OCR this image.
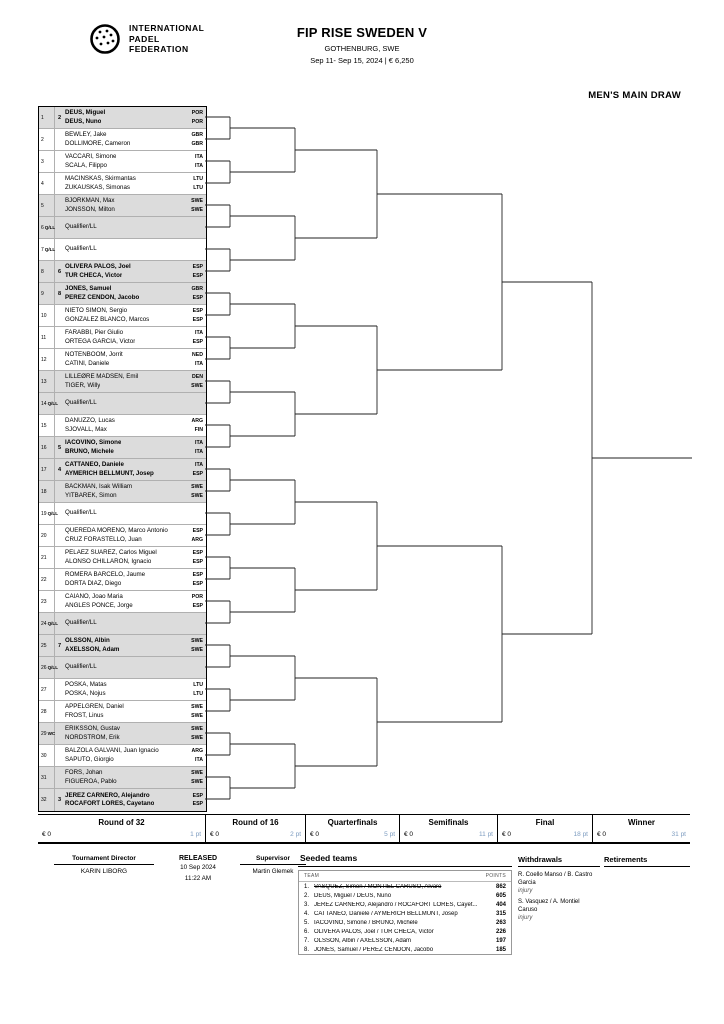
INTERNATIONAL
PADEL
FEDERATION
FIP RISE SWEDEN V
GOTHENBURG, SWE
Sep 11- Sep 15, 2024 | € 6,250
MEN'S MAIN DRAW
1	2
DEUS, Miguel	POR
DEUS, Nuno	POR
2
BEWLEY, Jake	GBR
DOLLIMORE, Cameron	GBR
3
VACCARI, Simone	ITA
SCALA, Filippo	ITA
4
MACINSKAS, Skirmantas	LTU
ZUKAUSKAS, Simonas	LTU
5
BJORKMAN, Max	SWE
JONSSON, Milton	SWE
6 Q/LL Qualifier/LL
7 Q/LL Qualifier/LL
8	6
OLIVERA PALOS, Joel	ESP
TUR CHECA, Victor	ESP
9	8
JONES, Samuel	GBR
PEREZ CENDON, Jacobo	ESP
10
NIETO SIMON, Sergio	ESP
GONZALEZ BLANCO, Marcos	ESP
11
FARABBI, Pier Giulio	ITA
ORTEGA GARCIA, Victor	ESP
12
NOTENBOOM, Jorrit	NED
CATINI, Daniele	ITA
13
LILLEØRE MADSEN, Emil	DEN
TIGER, Willy	SWE
14 Q/LL Qualifier/LL
15
DANUZZO, Lucas	ARG
SJOVALL, Max	FIN
16 5
IACOVINO, Simone	ITA
BRUNO, Michele	ITA
17 4
CATTANEO, Daniele	ITA
AYMERICH BELLMUNT, Josep	ESP
18
BÄCKMAN, Isak William	SWE
YITBAREK, Simon	SWE
19 Q/LL Qualifier/LL
20
QUEREDA MORENO, Marco Antonio	ESP
CRUZ FORASTELLO, Juan	ARG
21
PELAEZ SUAREZ, Carlos Miguel	ESP
ALONSO CHILLARON, Ignacio	ESP
22
ROMERA BARCELO, Jaume	ESP
DORTA DIAZ, Diego	ESP
23
CAIANO, Joao Maria	POR
ANGLES PONCE, Jorge	ESP
24 Q/LL Qualifier/LL
25 7
OLSSON, Albin	SWE
AXELSSON, Adam	SWE
26 Q/LL Qualifier/LL
27
POSKA, Matas	LTU
POSKA, Nojus	LTU
28
APPELGREN, Daniel	SWE
FROST, Linus	SWE
29 WC
ERIKSSON, Gustav	SWE
NORDSTRÖM, Erik	SWE
30
BALZOLA GALVANI, Juan Ignacio	ARG
SAPUTO, Giorgio	ITA
31
FORS, Johan	SWE
FIGUEROA, Pablo	SWE
32 3
JEREZ CARNERO, Alejandro	ESP
ROCAFORT LORES, Cayetano	ESP
Round of 32
€ 0	1 pt
Round of 16
€ 0	2 pt
Quarterfinals
€ 0	5 pt
Semifinals
€ 0	11 pt
Final
€ 0	18 pt
Winner
€ 0	31 pt
Tournament Director
KARIN LIBORG
RELEASED
10 Sep 2024
11:22 AM
Supervisor
Martin Glemek
Seeded teams
TEAM	POINTS
1. VASQUEZ, Simon / MONTIEL CARUSO, Alvaro	862
2. DEUS, Miguel / DEUS, Nuno	605
3. JEREZ CARNERO, Alejandro / ROCAFORT LORES, Cayet...	404
4. CATTANEO, Daniele / AYMERICH BELLMUNT, Josep	315
5. IACOVINO, Simone / BRUNO, Michele	263
6. OLIVERA PALOS, Joel / TUR CHECA, Victor	226
7. OLSSON, Albin / AXELSSON, Adam	197
8. JONES, Samuel / PEREZ CENDON, Jacobo	185
Withdrawals
R. Coello Manso / B. Castro Garcia
injury
S. Vasquez / A. Montiel Caruso
injury
Retirements
